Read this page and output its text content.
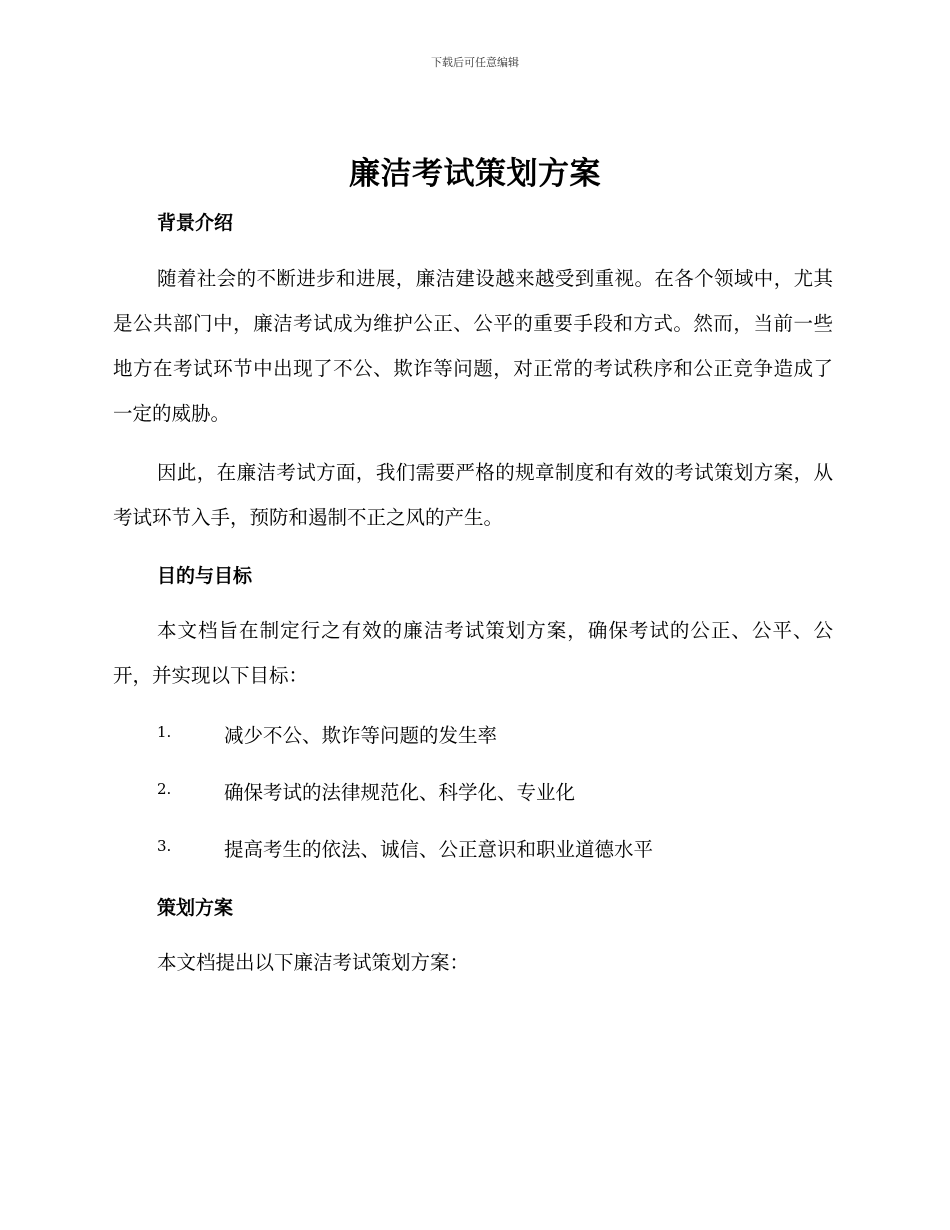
下载后可任意编辑
廉洁考试策划方案
背景介绍
随着社会的不断进步和进展，廉洁建设越来越受到重视。在各个领域中，尤其是公共部门中，廉洁考试成为维护公正、公平的重要手段和方式。然而，当前一些地方在考试环节中出现了不公、欺诈等问题，对正常的考试秩序和公正竞争造成了一定的威胁。
因此，在廉洁考试方面，我们需要严格的规章制度和有效的考试策划方案，从考试环节入手，预防和遏制不正之风的产生。
目的与目标
本文档旨在制定行之有效的廉洁考试策划方案，确保考试的公正、公平、公开，并实现以下目标：
1.	减少不公、欺诈等问题的发生率
2.	确保考试的法律规范化、科学化、专业化
3.	提高考生的依法、诚信、公正意识和职业道德水平
策划方案
本文档提出以下廉洁考试策划方案：
